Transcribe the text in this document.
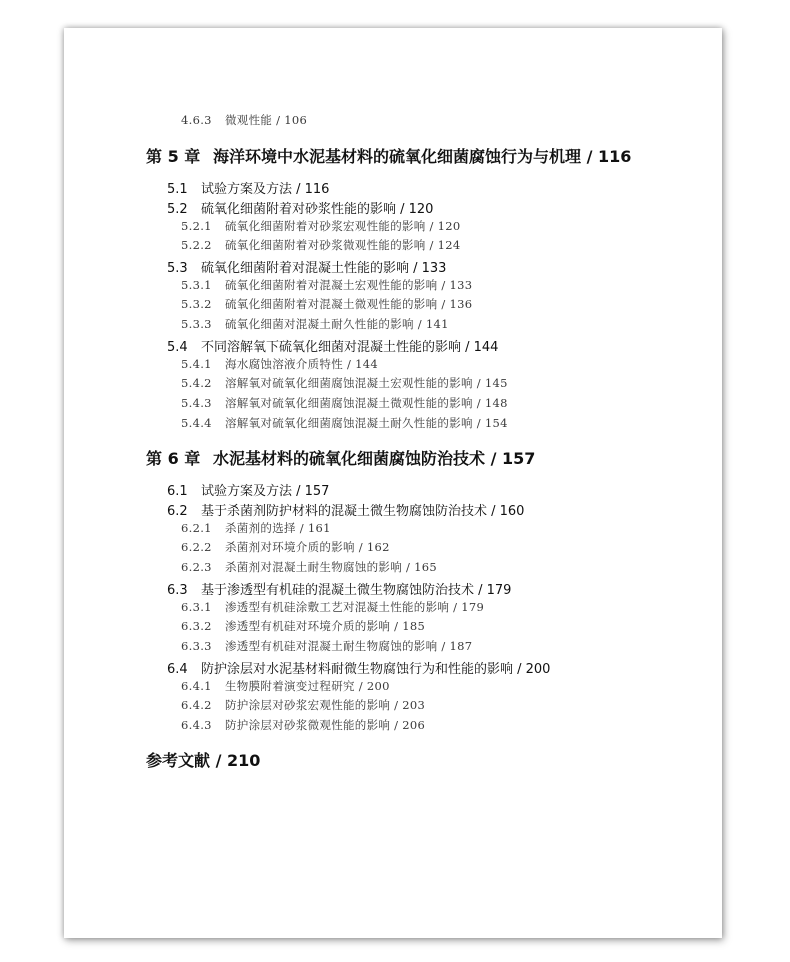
4.6.3 微观性能 / 106
第 5 章 海洋环境中水泥基材料的硫氧化细菌腐蚀行为与机理 / 116
5.1 试验方案及方法 / 116
5.2 硫氧化细菌附着对砂浆性能的影响 / 120
5.2.1 硫氧化细菌附着对砂浆宏观性能的影响 / 120
5.2.2 硫氧化细菌附着对砂浆微观性能的影响 / 124
5.3 硫氧化细菌附着对混凝土性能的影响 / 133
5.3.1 硫氧化细菌附着对混凝土宏观性能的影响 / 133
5.3.2 硫氧化细菌附着对混凝土微观性能的影响 / 136
5.3.3 硫氧化细菌对混凝土耐久性能的影响 / 141
5.4 不同溶解氧下硫氧化细菌对混凝土性能的影响 / 144
5.4.1 海水腐蚀溶液介质特性 / 144
5.4.2 溶解氧对硫氧化细菌腐蚀混凝土宏观性能的影响 / 145
5.4.3 溶解氧对硫氧化细菌腐蚀混凝土微观性能的影响 / 148
5.4.4 溶解氧对硫氧化细菌腐蚀混凝土耐久性能的影响 / 154
第 6 章 水泥基材料的硫氧化细菌腐蚀防治技术 / 157
6.1 试验方案及方法 / 157
6.2 基于杀菌剂防护材料的混凝土微生物腐蚀防治技术 / 160
6.2.1 杀菌剂的选择 / 161
6.2.2 杀菌剂对环境介质的影响 / 162
6.2.3 杀菌剂对混凝土耐生物腐蚀的影响 / 165
6.3 基于渗透型有机硅的混凝土微生物腐蚀防治技术 / 179
6.3.1 渗透型有机硅涂敷工艺对混凝土性能的影响 / 179
6.3.2 渗透型有机硅对环境介质的影响 / 185
6.3.3 渗透型有机硅对混凝土耐生物腐蚀的影响 / 187
6.4 防护涂层对水泥基材料耐微生物腐蚀行为和性能的影响 / 200
6.4.1 生物膜附着演变过程研究 / 200
6.4.2 防护涂层对砂浆宏观性能的影响 / 203
6.4.3 防护涂层对砂浆微观性能的影响 / 206
参考文献 / 210
